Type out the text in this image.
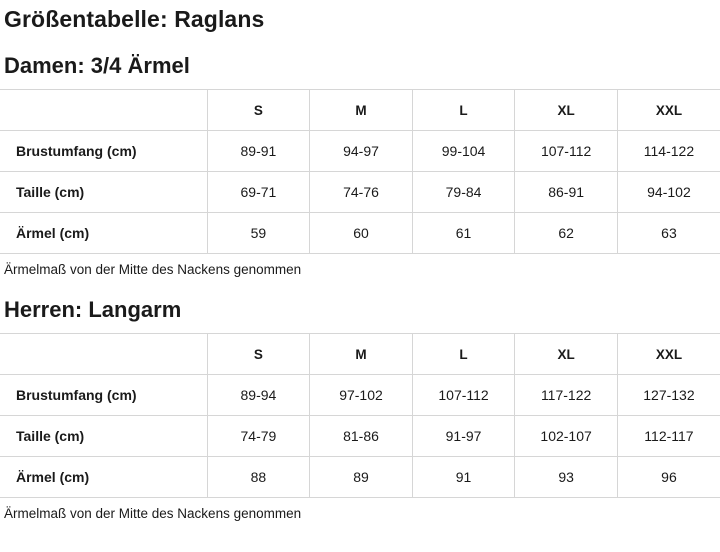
Größentabelle: Raglans
Damen: 3/4 Ärmel
	S	M	L	XL	XXL
Brustumfang (cm)	89-91	94-97	99-104	107-112	114-122
Taille (cm)	69-71	74-76	79-84	86-91	94-102
Ärmel (cm)	59	60	61	62	63
Ärmelmaß von der Mitte des Nackens genommen
Herren: Langarm
	S	M	L	XL	XXL
Brustumfang (cm)	89-94	97-102	107-112	117-122	127-132
Taille (cm)	74-79	81-86	91-97	102-107	112-117
Ärmel (cm)	88	89	91	93	96
Ärmelmaß von der Mitte des Nackens genommen
